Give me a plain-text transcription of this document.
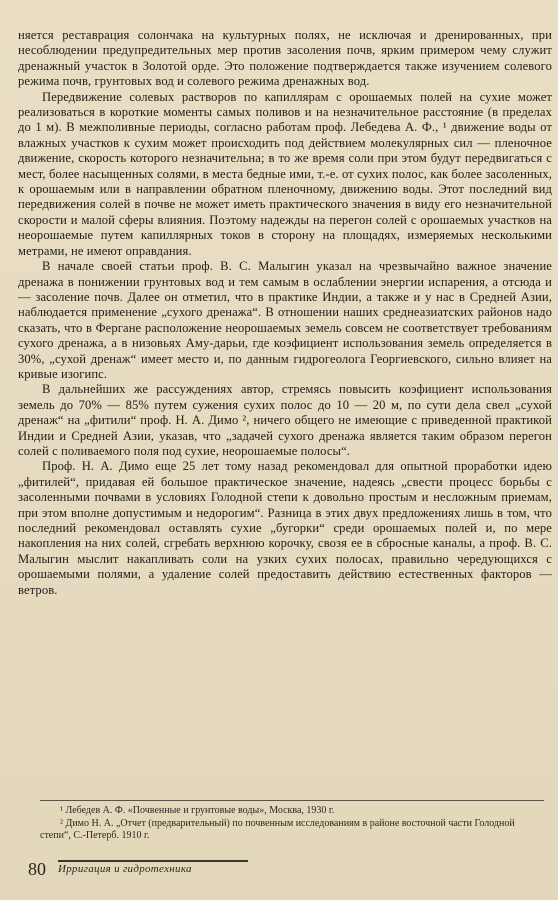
няется реставрация солончака на культурных полях, не исключая и дренированных, при несоблюдении предупредительных мер против засоления почв, ярким примером чему служит дренажный участок в Золотой орде. Это положение подтверждается также изучением солевого режима почв, грунтовых вод и солевого режима дренажных вод.

Передвижение солевых растворов по капиллярам с орошаемых полей на сухие может реализоваться в короткие моменты самых поливов и на незначительное расстояние (в пределах до 1 м). В межполивные периоды, согласно работам проф. Лебедева А. Ф., ¹ движение воды от влажных участков к сухим может происходить под действием молекулярных сил — пленочное движение, скорость которого незначительна; в то же время соли при этом будут передвигаться с мест, более насыщенных солями, в места бедные ими, т.-е. от сухих полос, как более засоленных, к орошаемым или в направлении обратном пленочному, движению воды. Этот последний вид передвижения солей в почве не может иметь практического значения в виду его незначительной скорости и малой сферы влияния. Поэтому надежды на перегон солей с орошаемых участков на неорошаемые путем капиллярных токов в сторону на площадях, измеряемых несколькими метрами, не имеют оправдания.

В начале своей статьи проф. В. С. Малыгин указал на чрезвычайно важное значение дренажа в понижении грунтовых вод и тем самым в ослаблении энергии испарения, а отсюда и — засоление почв. Далее он отметил, что в практике Индии, а также и у нас в Средней Азии, наблюдается применение „сухого дренажа“. В отношении наших среднеазиатских районов надо сказать, что в Фергане расположение неорошаемых земель совсем не соответствует требованиям сухого дренажа, а в низовьях Аму-дарьи, где коэфициент использования земель определяется в 30%, „сухой дренаж“ имеет место и, по данным гидрогеолога Георгиевского, сильно влияет на кривые изогипс.

В дальнейших же рассуждениях автор, стремясь повысить коэфициент использования земель до 70% — 85% путем сужения сухих полос до 10 — 20 м, по сути дела свел „сухой дренаж“ на „фитили“ проф. Н. А. Димо ², ничего общего не имеющие с приведенной практикой Индии и Средней Азии, указав, что „задачей сухого дренажа является таким образом перегон солей с поливаемого поля под сухие, неорошаемые полосы“.

Проф. Н. А. Димо еще 25 лет тому назад рекомендовал для опытной проработки идею „фитилей“, придавая ей большое практическое значение, надеясь „свести процесс борьбы с засоленными почвами в условиях Голодной степи к довольно простым и несложным приемам, при этом вполне допустимым и недорогим“. Разница в этих двух предложениях лишь в том, что последний рекомендовал оставлять сухие „бугорки“ среди орошаемых полей и, по мере накопления на них солей, сгребать верхнюю корочку, свозя ее в сбросные каналы, а проф. В. С. Малыгин мыслит накапливать соли на узких сухих полосах, правильно чередующихся с орошаемыми полями, а удаление солей предоставить действию естественных факторов — ветров.

¹ Лебедев А. Ф. «Почвенные и грунтовые воды», Москва, 1930 г.

² Димо Н. А. „Отчет (предварительный) по почвенным исследованиям в районе восточной части Голодной степи“, С.-Петерб. 1910 г.

80 Ирригация и гидротехника
